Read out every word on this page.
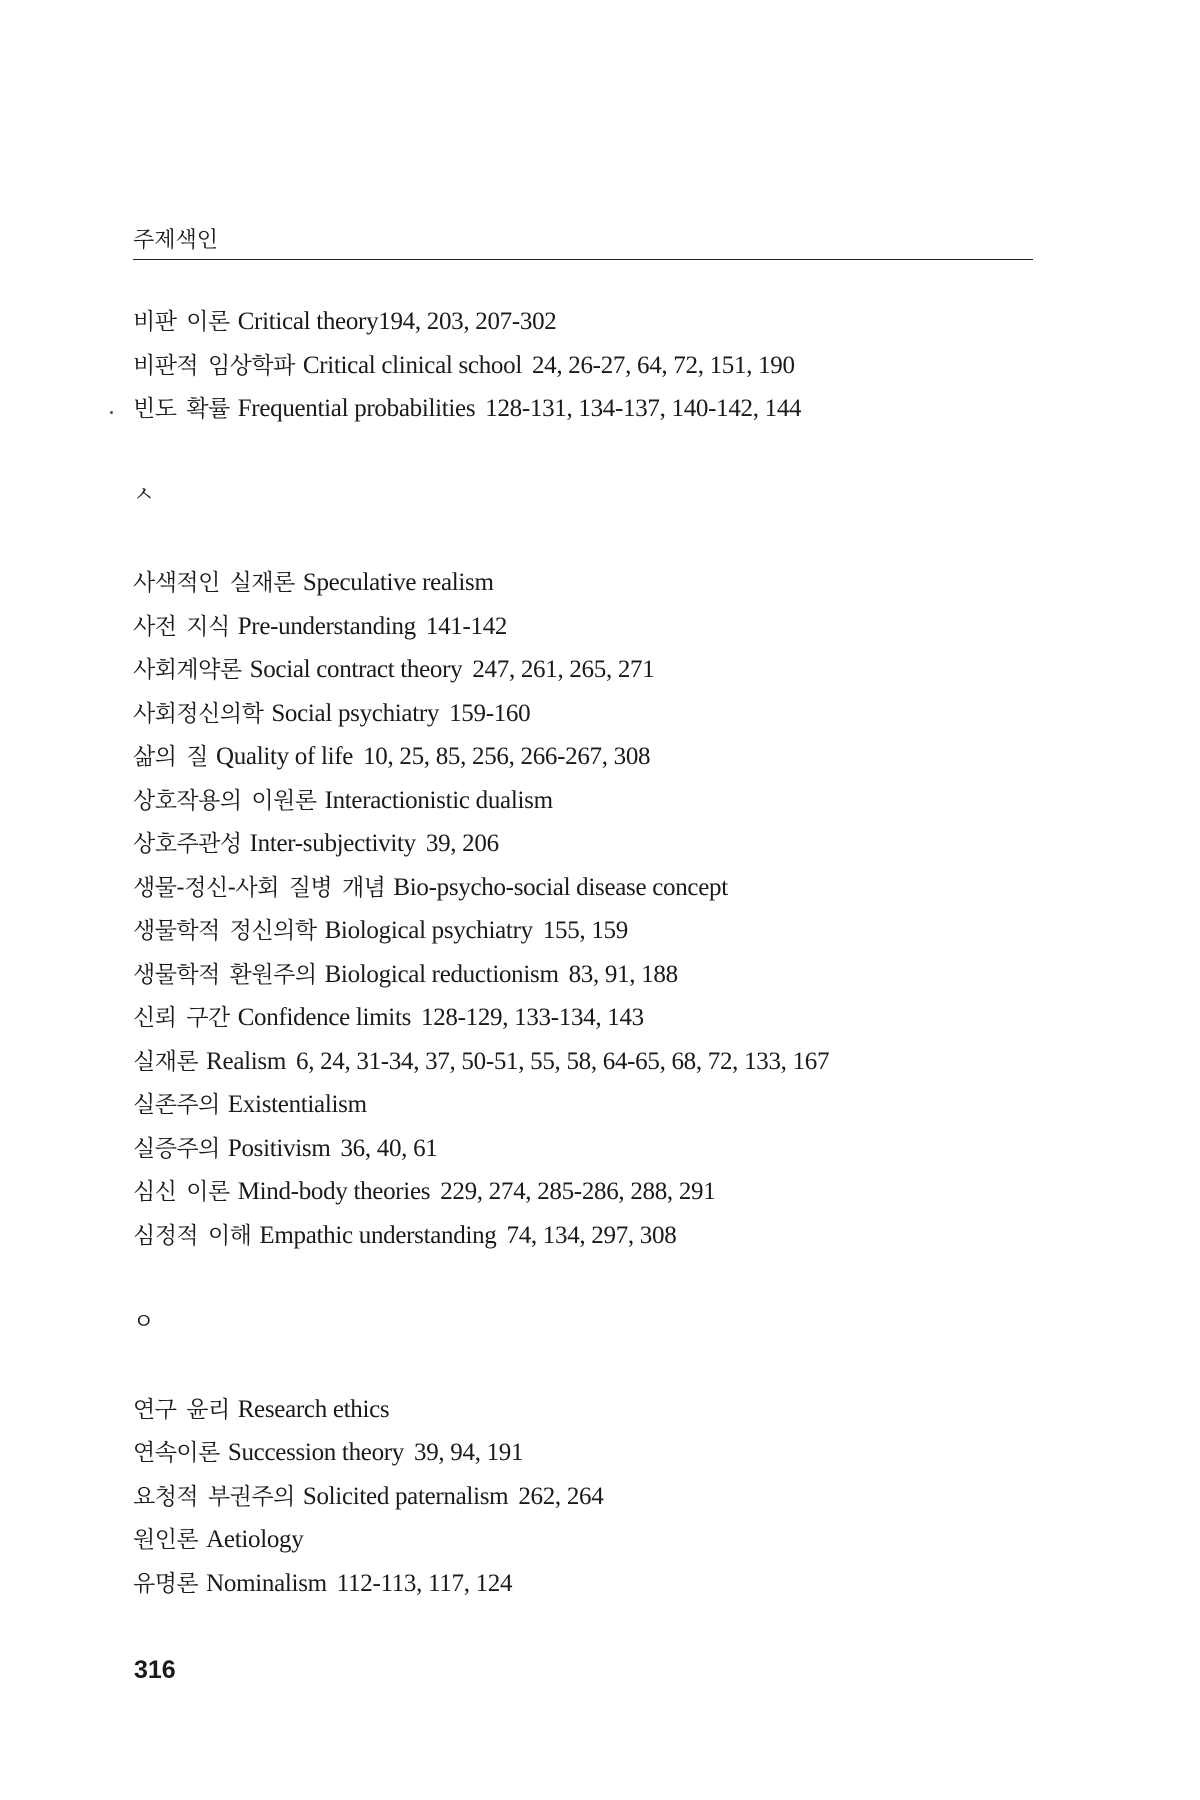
주제색인
비판 이론 Critical theory194, 203, 207-302
비판적 임상학파 Critical clinical school 24, 26-27, 64, 72, 151, 190
빈도 확률 Frequential probabilities 128-131, 134-137, 140-142, 144
ㅅ
사색적인 실재론 Speculative realism
사전 지식 Pre-understanding 141-142
사회계약론 Social contract theory 247, 261, 265, 271
사회정신의학 Social psychiatry 159-160
삶의 질 Quality of life 10, 25, 85, 256, 266-267, 308
상호작용의 이원론 Interactionistic dualism
상호주관성 Inter-subjectivity 39, 206
생물-정신-사회 질병 개념 Bio-psycho-social disease concept
생물학적 정신의학 Biological psychiatry 155, 159
생물학적 환원주의 Biological reductionism 83, 91, 188
신뢰 구간 Confidence limits 128-129, 133-134, 143
실재론 Realism 6, 24, 31-34, 37, 50-51, 55, 58, 64-65, 68, 72, 133, 167
실존주의 Existentialism
실증주의 Positivism 36, 40, 61
심신 이론 Mind-body theories 229, 274, 285-286, 288, 291
심정적 이해 Empathic understanding 74, 134, 297, 308
ㅇ
연구 윤리 Research ethics
연속이론 Succession theory 39, 94, 191
요청적 부권주의 Solicited paternalism 262, 264
원인론 Aetiology
유명론 Nominalism 112-113, 117, 124
316
